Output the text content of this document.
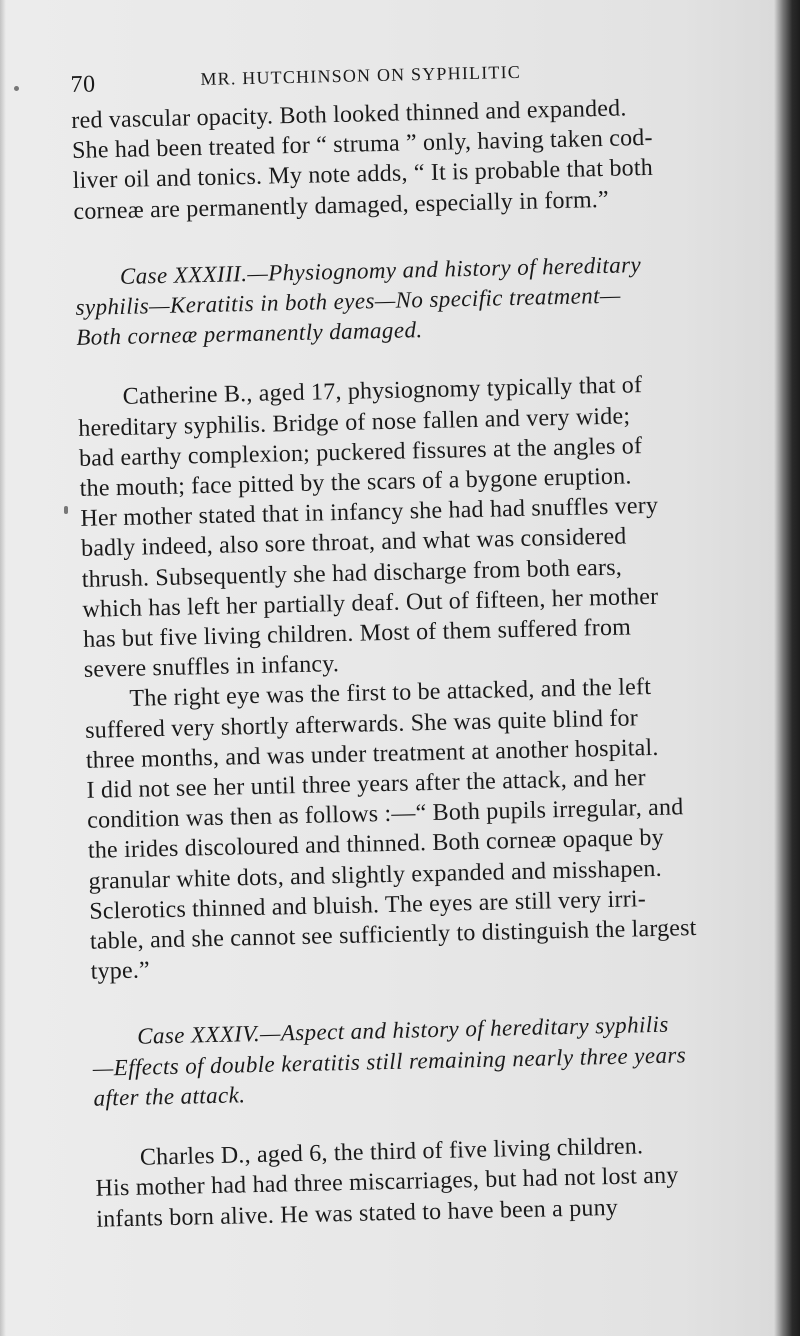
70	MR. HUTCHINSON ON SYPHILITIC

red vascular opacity. Both looked thinned and expanded.
She had been treated for “ struma ” only, having taken cod-
liver oil and tonics. My note adds, “ It is probable that both
corneæ are permanently damaged, especially in form.”

Case XXXIII.—Physiognomy and history of hereditary
syphilis—Keratitis in both eyes—No specific treatment—
Both corneæ permanently damaged.

Catherine B., aged 17, physiognomy typically that of
hereditary syphilis. Bridge of nose fallen and very wide;
bad earthy complexion; puckered fissures at the angles of
the mouth; face pitted by the scars of a bygone eruption.
Her mother stated that in infancy she had had snuffles very
badly indeed, also sore throat, and what was considered
thrush. Subsequently she had discharge from both ears,
which has left her partially deaf. Out of fifteen, her mother
has but five living children. Most of them suffered from
severe snuffles in infancy.

The right eye was the first to be attacked, and the left
suffered very shortly afterwards. She was quite blind for
three months, and was under treatment at another hospital.
I did not see her until three years after the attack, and her
condition was then as follows :—“ Both pupils irregular, and
the irides discoloured and thinned. Both corneæ opaque by
granular white dots, and slightly expanded and misshapen.
Sclerotics thinned and bluish. The eyes are still very irri-
table, and she cannot see sufficiently to distinguish the largest
type.”

Case XXXIV.—Aspect and history of hereditary syphilis
—Effects of double keratitis still remaining nearly three years
after the attack.

Charles D., aged 6, the third of five living children.
His mother had had three miscarriages, but had not lost any
infants born alive. He was stated to have been a puny
